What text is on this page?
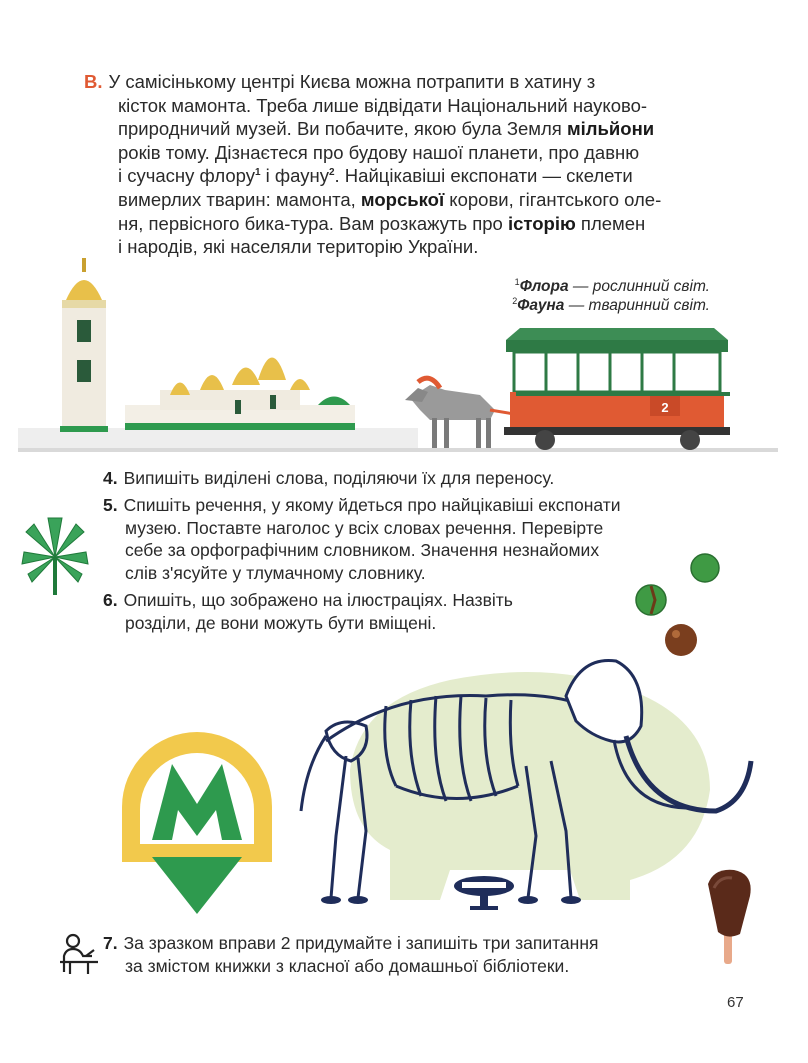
В. У самісінькому центрі Києва можна потрапити в хатину з
кісток мамонта. Треба лише відвідати Національний науково-
природничий музей. Ви побачите, якою була Земля мільйони
років тому. Дізнаєтеся про будову нашої планети, про давню
і сучасну флору$^1$ і фауну$^2$. Найцікавіші експонати — скелети
вимерлих тварин: мамонта, морської корови, гігантського оле-
ня, первісного бика-тура. Вам розкажуть про історію племен
і народів, які населяли територію України.
$^1$Флора — рослинний світ.
$^2$Фауна — тваринний світ.
2
4. Випишіть виділені слова, поділяючи їх для переносу.
5. Спишіть речення, у якому йдеться про найцікавіші експонати
музею. Поставте наголос у всіх словах речення. Перевірте
себе за орфографічним словником. Значення незнайомих
слів з'ясуйте у тлумачному словнику.
6. Опишіть, що зображено на ілюстраціях. Назвіть
розділи, де вони можуть бути вміщені.
7. За зразком вправи 2 придумайте і запишіть три запитання
за змістом книжки з класної або домашньої бібліотеки.
67
